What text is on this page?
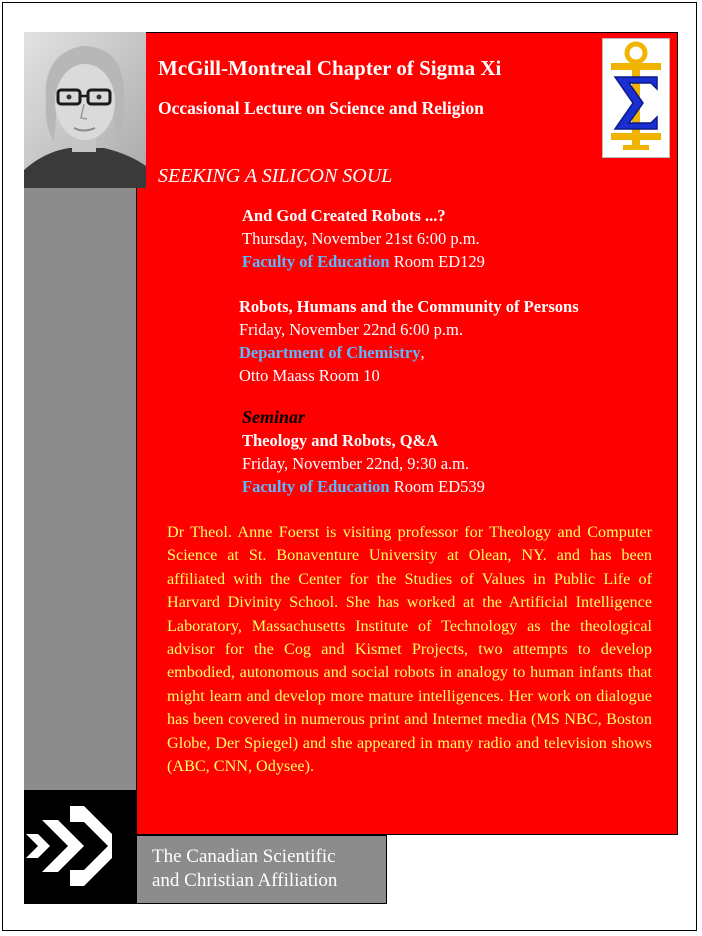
McGill-Montreal Chapter of Sigma Xi
Occasional Lecture on Science and Religion
SEEKING A SILICON SOUL
And God Created Robots ...?
Thursday, November 21st 6:00 p.m.
Faculty of Education Room ED129
Robots, Humans and the Community of Persons
Friday, November 22nd 6:00 p.m.
Department of Chemistry,
Otto Maass Room 10
Seminar
Theology and Robots, Q&A
Friday, November 22nd, 9:30 a.m.
Faculty of Education Room ED539
Dr Theol. Anne Foerst is visiting professor for Theology and Computer Science at St. Bonaventure University at Olean, NY. and has been affiliated with the Center for the Studies of Values in Public Life of Harvard Divinity School. She has worked at the Artificial Intelligence Laboratory, Massachusetts Institute of Technology as the theological advisor for the Cog and Kismet Projects, two attempts to develop embodied, autonomous and social robots in analogy to human infants that might learn and develop more mature intelligences. Her work on dialogue has been covered in numerous print and Internet media (MS NBC, Boston Globe, Der Spiegel) and she appeared in many radio and television shows (ABC, CNN, Odysee).
The Canadian Scientific
and Christian Affiliation
